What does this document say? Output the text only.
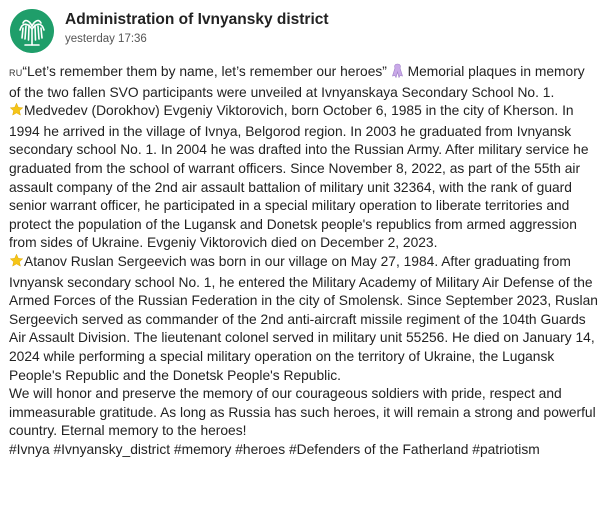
Administration of Ivnyansky district
yesterday 17:36

RU“Let’s remember them by name, let’s remember our heroes”  Memorial plaques in memory of the two fallen SVO participants were unveiled at Ivnyanskaya Secondary School No. 1.

Medvedev (Dorokhov) Evgeniy Viktorovich, born October 6, 1985 in the city of Kherson. In 1994 he arrived in the village of Ivnya, Belgorod region. In 2003 he graduated from Ivnyansk secondary school No. 1. In 2004 he was drafted into the Russian Army. After military service he graduated from the school of warrant officers. Since November 8, 2022, as part of the 55th air assault company of the 2nd air assault battalion of military unit 32364, with the rank of guard senior warrant officer, he participated in a special military operation to liberate territories and protect the population of the Lugansk and Donetsk people's republics from armed aggression from sides of Ukraine. Evgeniy Viktorovich died on December 2, 2023.

Atanov Ruslan Sergeevich was born in our village on May 27, 1984. After graduating from Ivnyansk secondary school No. 1, he entered the Military Academy of Military Air Defense of the Armed Forces of the Russian Federation in the city of Smolensk. Since September 2023, Ruslan Sergeevich served as commander of the 2nd anti-aircraft missile regiment of the 104th Guards Air Assault Division. The lieutenant colonel served in military unit 55256. He died on January 14, 2024 while performing a special military operation on the territory of Ukraine, the Lugansk People's Republic and the Donetsk People's Republic.

We will honor and preserve the memory of our courageous soldiers with pride, respect and immeasurable gratitude. As long as Russia has such heroes, it will remain a strong and powerful country. Eternal memory to the heroes!

#Ivnya #Ivnyansky_district #memory #heroes #Defenders of the Fatherland #patriotism
